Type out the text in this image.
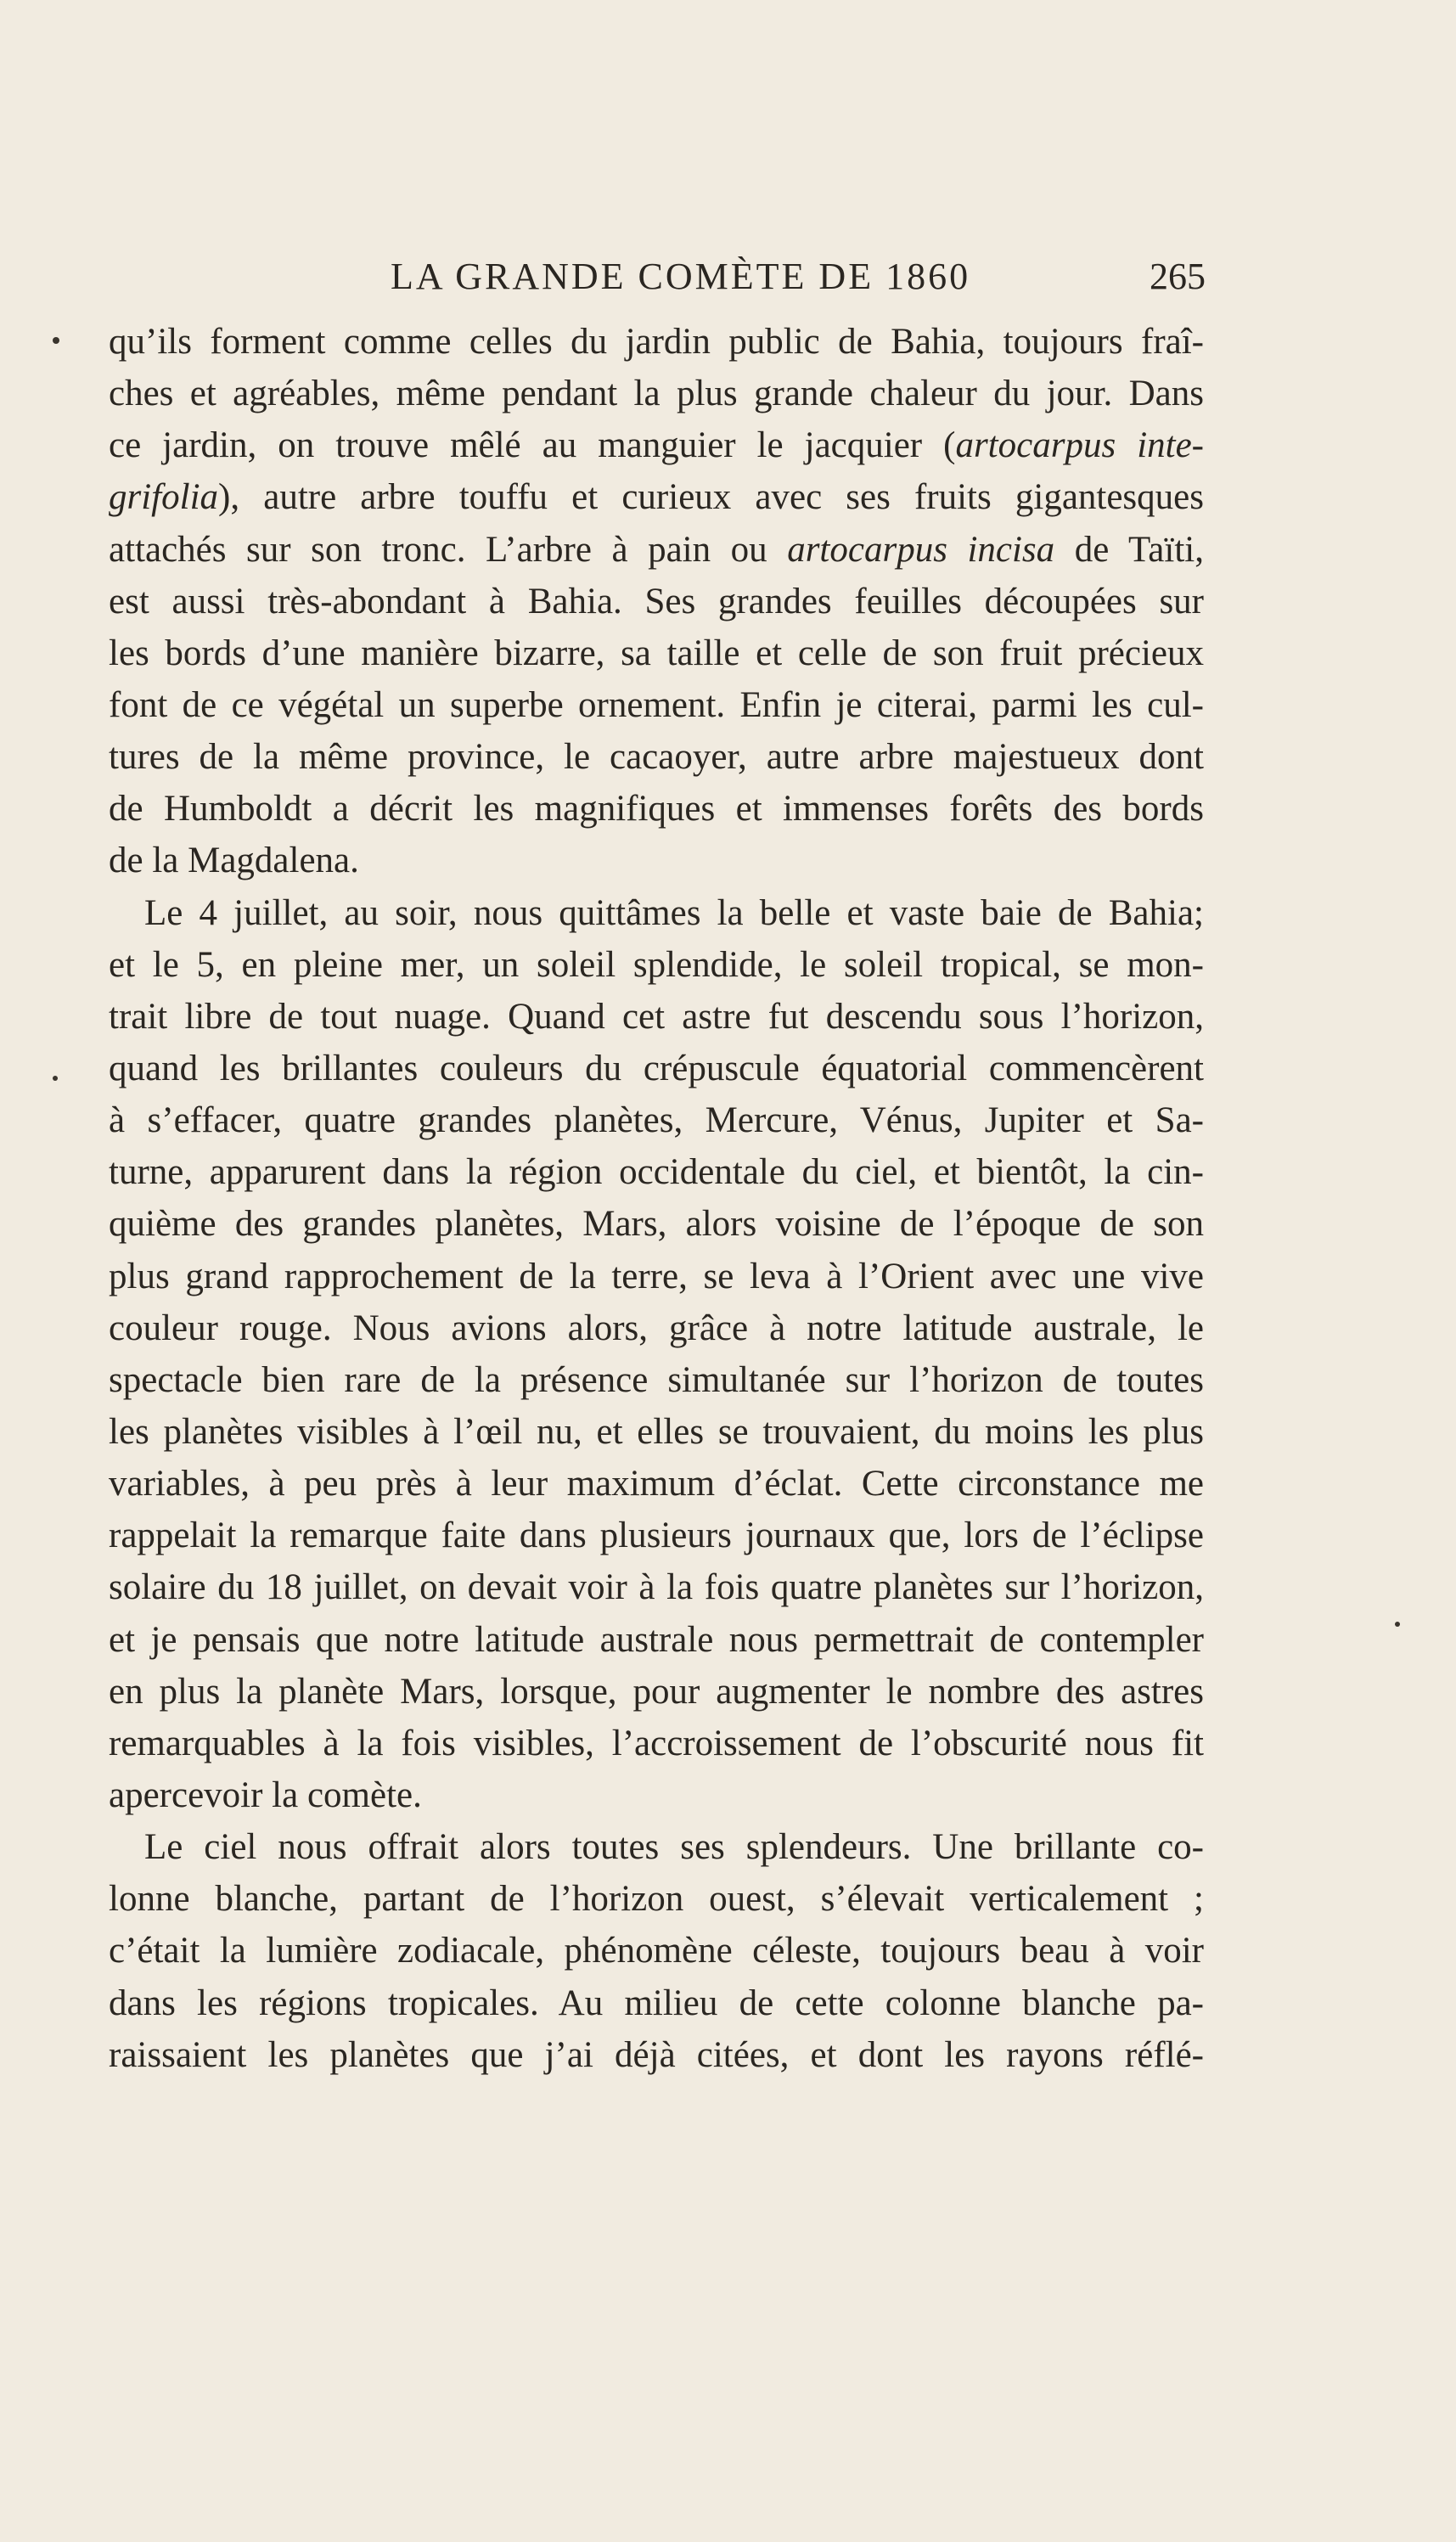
LA GRANDE COMÈTE DE 1860	265
qu’ils forment comme celles du jardin public de Bahia, toujours fraî-
ches et agréables, même pendant la plus grande chaleur du jour. Dans
ce jardin, on trouve mêlé au manguier le jacquier (artocarpus inte-
grifolia), autre arbre touffu et curieux avec ses fruits gigantesques
attachés sur son tronc. L’arbre à pain ou artocarpus incisa de Taïti,
est aussi très-abondant à Bahia. Ses grandes feuilles découpées sur
les bords d’une manière bizarre, sa taille et celle de son fruit précieux
font de ce végétal un superbe ornement. Enfin je citerai, parmi les cul-
tures de la même province, le cacaoyer, autre arbre majestueux dont
de Humboldt a décrit les magnifiques et immenses forêts des bords
de la Magdalena.
Le 4 juillet, au soir, nous quittâmes la belle et vaste baie de Bahia;
et le 5, en pleine mer, un soleil splendide, le soleil tropical, se mon-
trait libre de tout nuage. Quand cet astre fut descendu sous l’horizon,
quand les brillantes couleurs du crépuscule équatorial commencèrent
à s’effacer, quatre grandes planètes, Mercure, Vénus, Jupiter et Sa-
turne, apparurent dans la région occidentale du ciel, et bientôt, la cin-
quième des grandes planètes, Mars, alors voisine de l’époque de son
plus grand rapprochement de la terre, se leva à l’Orient avec une vive
couleur rouge. Nous avions alors, grâce à notre latitude australe, le
spectacle bien rare de la présence simultanée sur l’horizon de toutes
les planètes visibles à l’œil nu, et elles se trouvaient, du moins les plus
variables, à peu près à leur maximum d’éclat. Cette circonstance me
rappelait la remarque faite dans plusieurs journaux que, lors de l’éclipse
solaire du 18 juillet, on devait voir à la fois quatre planètes sur l’horizon,
et je pensais que notre latitude australe nous permettrait de contempler
en plus la planète Mars, lorsque, pour augmenter le nombre des astres
remarquables à la fois visibles, l’accroissement de l’obscurité nous fit
apercevoir la comète.
Le ciel nous offrait alors toutes ses splendeurs. Une brillante co-
lonne blanche, partant de l’horizon ouest, s’élevait verticalement ;
c’était la lumière zodiacale, phénomène céleste, toujours beau à voir
dans les régions tropicales. Au milieu de cette colonne blanche pa-
raissaient les planètes que j’ai déjà citées, et dont les rayons réflé-
